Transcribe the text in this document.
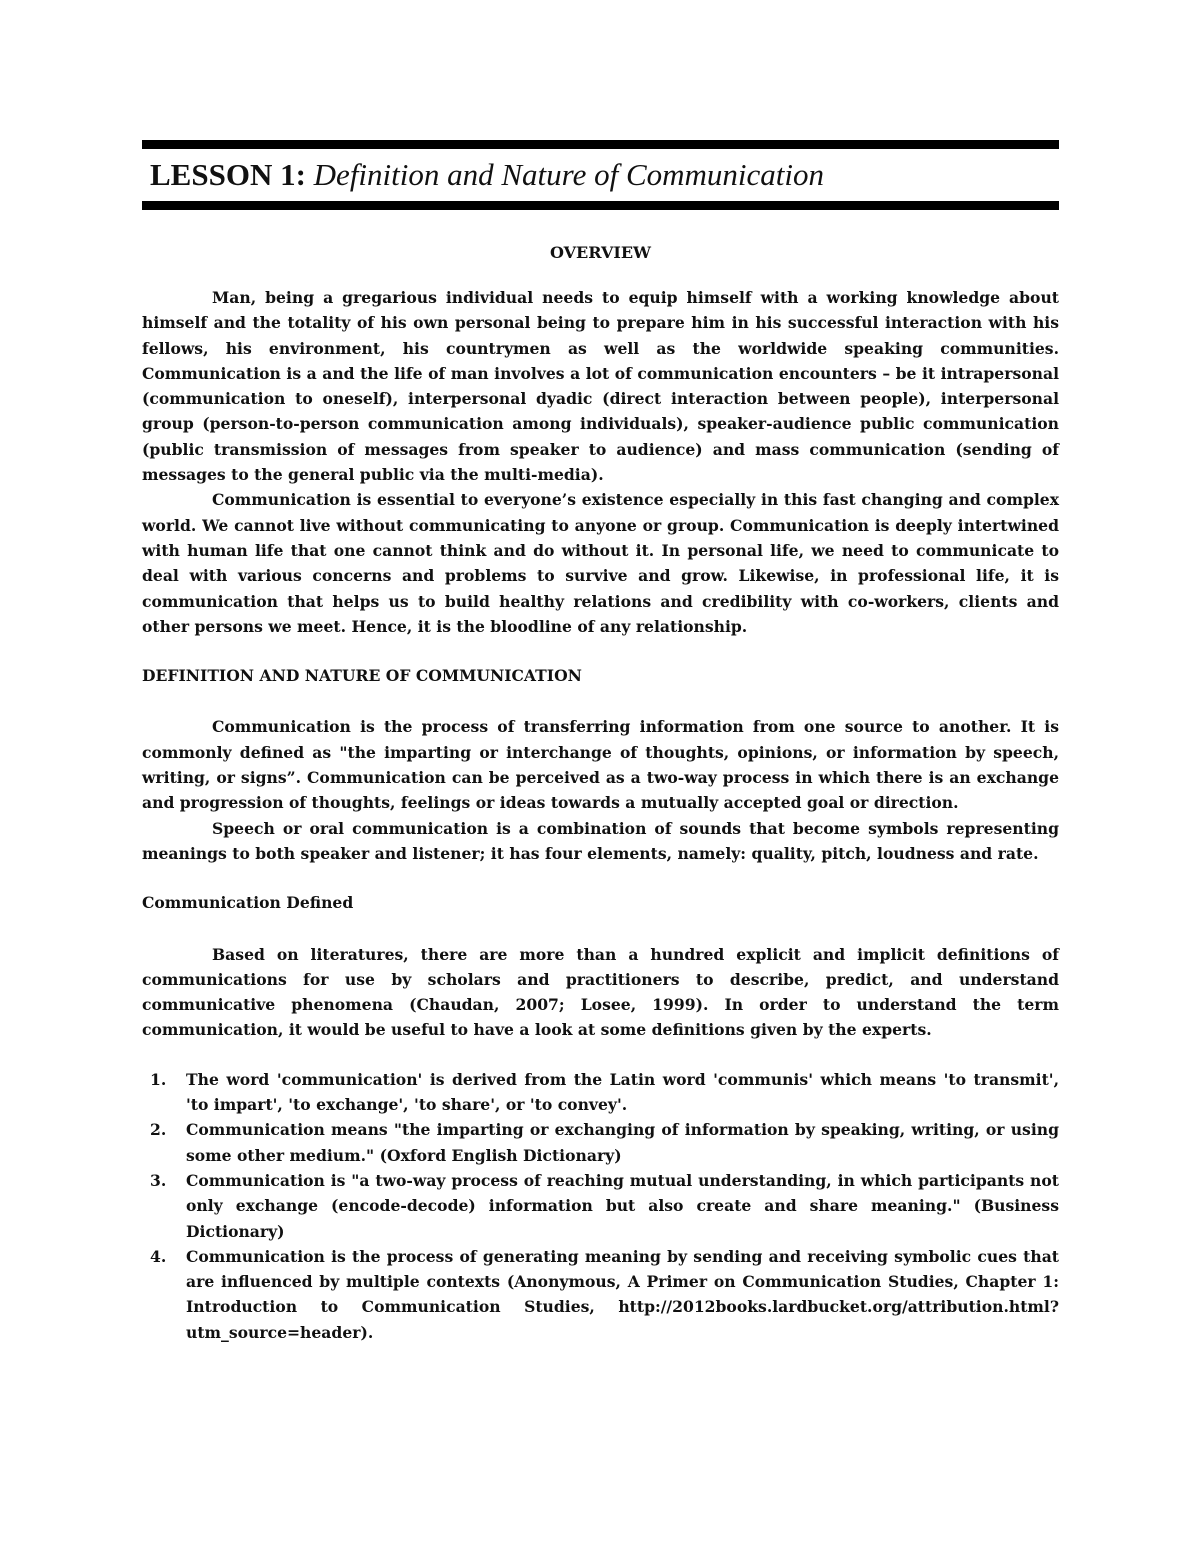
LESSON 1: Definition and Nature of Communication
OVERVIEW

Man, being a gregarious individual needs to equip himself with a working knowledge about himself and the totality of his own personal being to prepare him in his successful interaction with his fellows, his environment, his countrymen as well as the worldwide speaking communities. Communication is a and the life of man involves a lot of communication encounters – be it intrapersonal (communication to oneself), interpersonal dyadic (direct interaction between people), interpersonal group (person-to-person communication among individuals), speaker-audience public communication (public transmission of messages from speaker to audience) and mass communication (sending of messages to the general public via the multi-media).

Communication is essential to everyone’s existence especially in this fast changing and complex world. We cannot live without communicating to anyone or group. Communication is deeply intertwined with human life that one cannot think and do without it. In personal life, we need to communicate to deal with various concerns and problems to survive and grow. Likewise, in professional life, it is communication that helps us to build healthy relations and credibility with co-workers, clients and other persons we meet. Hence, it is the bloodline of any relationship.

DEFINITION AND NATURE OF COMMUNICATION

Communication is the process of transferring information from one source to another. It is commonly defined as "the imparting or interchange of thoughts, opinions, or information by speech, writing, or signs”. Communication can be perceived as a two-way process in which there is an exchange and progression of thoughts, feelings or ideas towards a mutually accepted goal or direction.

Speech or oral communication is a combination of sounds that become symbols representing meanings to both speaker and listener; it has four elements, namely: quality, pitch, loudness and rate.

Communication Defined

Based on literatures, there are more than a hundred explicit and implicit definitions of communications for use by scholars and practitioners to describe, predict, and understand communicative phenomena (Chaudan, 2007; Losee, 1999). In order to understand the term communication, it would be useful to have a look at some definitions given by the experts.

1. The word 'communication' is derived from the Latin word 'communis' which means 'to transmit', 'to impart', 'to exchange', 'to share', or 'to convey'.
2. Communication means "the imparting or exchanging of information by speaking, writing, or using some other medium." (Oxford English Dictionary)
3. Communication is "a two-way process of reaching mutual understanding, in which participants not only exchange (encode-decode) information but also create and share meaning." (Business Dictionary)
4. Communication is the process of generating meaning by sending and receiving symbolic cues that are influenced by multiple contexts (Anonymous, A Primer on Communication Studies, Chapter 1: Introduction to Communication Studies, http://2012books.lardbucket.org/attribution.html?utm_source=header).
